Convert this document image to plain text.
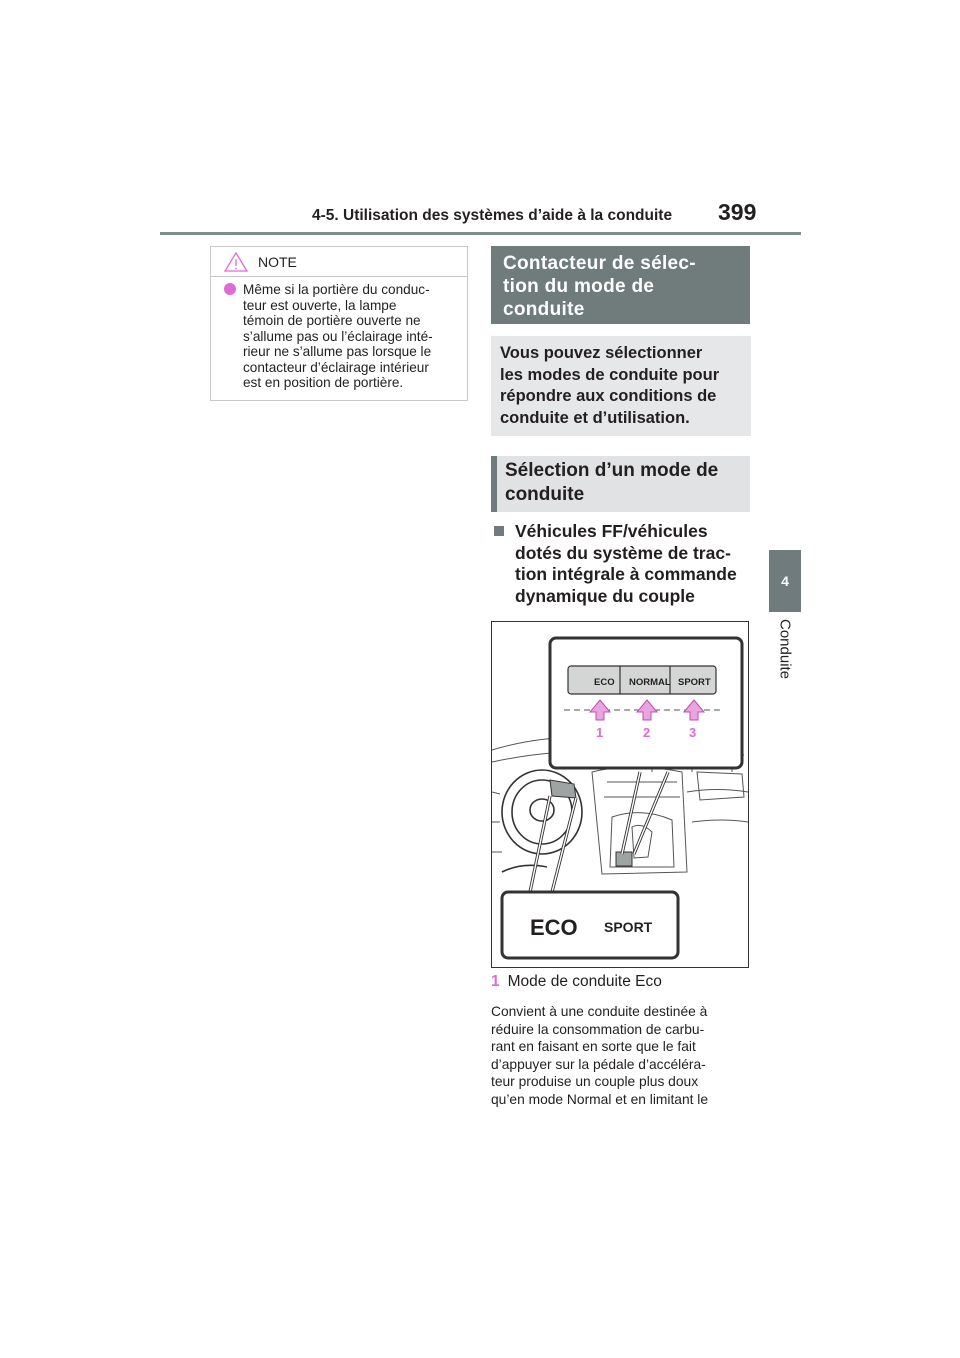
4-5. Utilisation des systèmes d’aide à la conduite 399
4
Conduite
NOTE
Même si la portière du conduc-
teur est ouverte, la lampe
témoin de portière ouverte ne
s’allume pas ou l’éclairage inté-
rieur ne s’allume pas lorsque le
contacteur d’éclairage intérieur
est en position de portière.
Contacteur de sélec-
tion du mode de
conduite
Vous pouvez sélectionner
les modes de conduite pour
répondre aux conditions de
conduite et d’utilisation.
Sélection d’un mode de
conduite
Véhicules FF/véhicules
dotés du système de trac-
tion intégrale à commande
dynamique du couple
ECO NORMAL SPORT
1	2	3
ECO SPORT
1 Mode de conduite Eco
Convient à une conduite destinée à
réduire la consommation de carbu-
rant en faisant en sorte que le fait
d’appuyer sur la pédale d’accéléra-
teur produise un couple plus doux
qu’en mode Normal et en limitant le
